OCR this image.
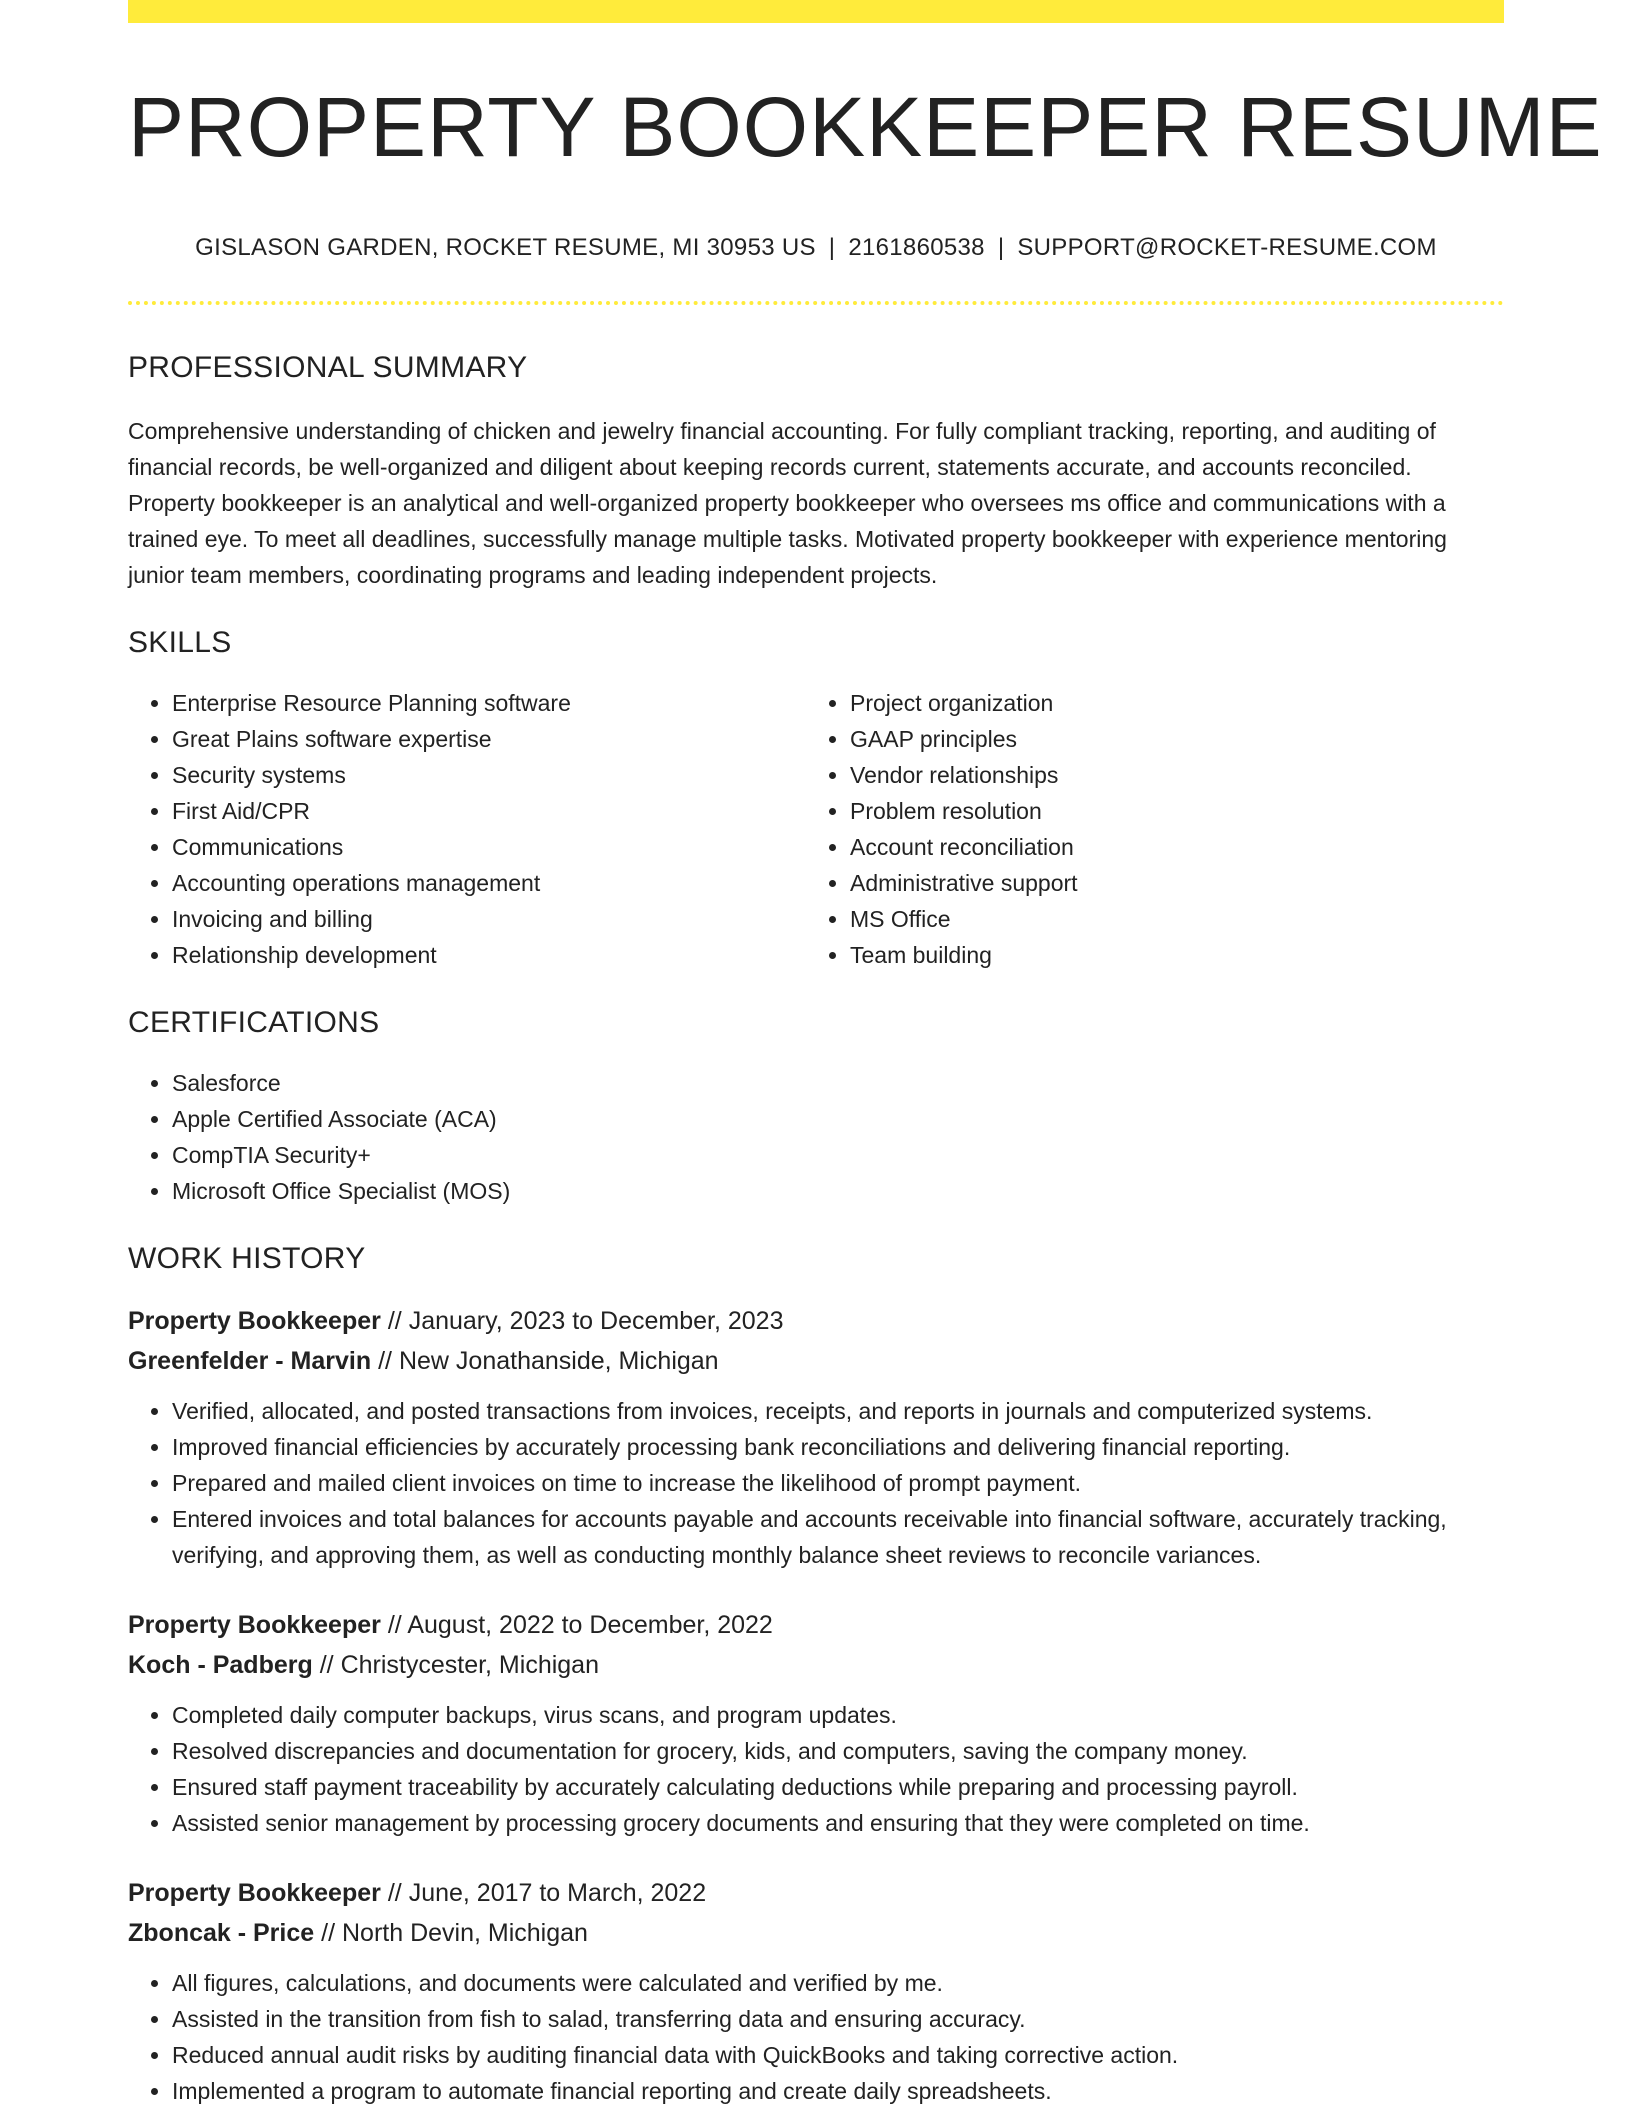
PROPERTY BOOKKEEPER RESUME
GISLASON GARDEN, ROCKET RESUME, MI 30953 US | 2161860538 | SUPPORT@ROCKET-RESUME.COM
PROFESSIONAL SUMMARY

Comprehensive understanding of chicken and jewelry financial accounting. For fully compliant tracking, reporting, and auditing of financial records, be well-organized and diligent about keeping records current, statements accurate, and accounts reconciled. Property bookkeeper is an analytical and well-organized property bookkeeper who oversees ms office and communications with a trained eye. To meet all deadlines, successfully manage multiple tasks. Motivated property bookkeeper with experience mentoring junior team members, coordinating programs and leading independent projects.

SKILLS
• Enterprise Resource Planning software
• Great Plains software expertise
• Security systems
• First Aid/CPR
• Communications
• Accounting operations management
• Invoicing and billing
• Relationship development
• Project organization
• GAAP principles
• Vendor relationships
• Problem resolution
• Account reconciliation
• Administrative support
• MS Office
• Team building
CERTIFICATIONS
• Salesforce
• Apple Certified Associate (ACA)
• CompTIA Security+
• Microsoft Office Specialist (MOS)
WORK HISTORY
Property Bookkeeper // January, 2023 to December, 2023
Greenfelder - Marvin // New Jonathanside, Michigan
• Verified, allocated, and posted transactions from invoices, receipts, and reports in journals and computerized systems.
• Improved financial efficiencies by accurately processing bank reconciliations and delivering financial reporting.
• Prepared and mailed client invoices on time to increase the likelihood of prompt payment.
• Entered invoices and total balances for accounts payable and accounts receivable into financial software, accurately tracking, verifying, and approving them, as well as conducting monthly balance sheet reviews to reconcile variances.
Property Bookkeeper // August, 2022 to December, 2022
Koch - Padberg // Christycester, Michigan
• Completed daily computer backups, virus scans, and program updates.
• Resolved discrepancies and documentation for grocery, kids, and computers, saving the company money.
• Ensured staff payment traceability by accurately calculating deductions while preparing and processing payroll.
• Assisted senior management by processing grocery documents and ensuring that they were completed on time.
Property Bookkeeper // June, 2017 to March, 2022
Zboncak - Price // North Devin, Michigan
• All figures, calculations, and documents were calculated and verified by me.
• Assisted in the transition from fish to salad, transferring data and ensuring accuracy.
• Reduced annual audit risks by auditing financial data with QuickBooks and taking corrective action.
• Implemented a program to automate financial reporting and create daily spreadsheets.
